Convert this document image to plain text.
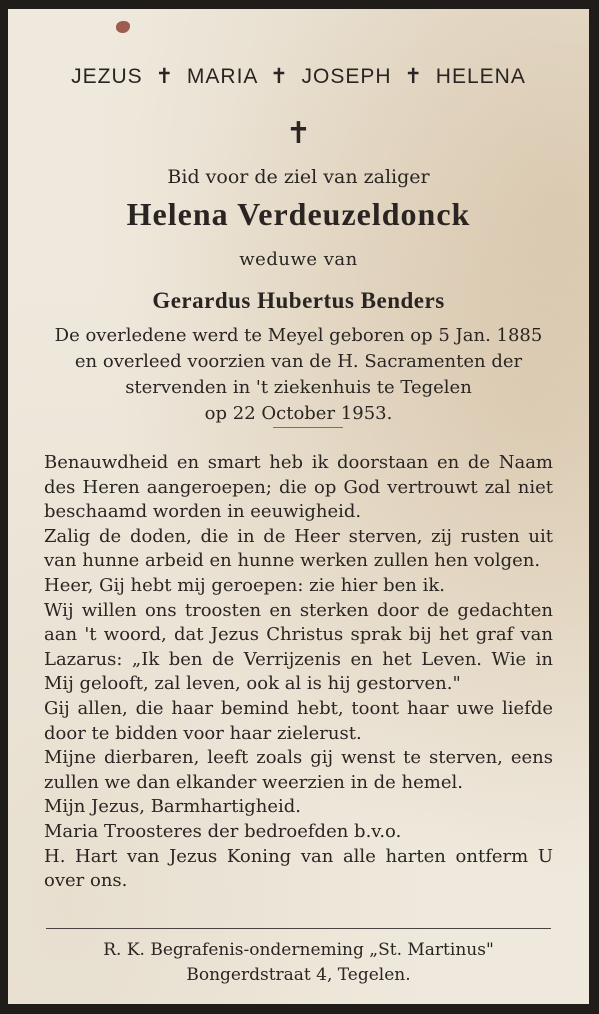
JEZUS ✝ MARIA ✝ JOSEPH ✝ HELENA
✝
Bid voor de ziel van zaliger
Helena Verdeuzeldonck
weduwe van
Gerardus Hubertus Benders
De overledene werd te Meyel geboren op 5 Jan. 1885
en overleed voorzien van de H. Sacramenten der
stervenden in 't ziekenhuis te Tegelen
op 22 October 1953.

Benauwdheid en smart heb ik doorstaan en de Naam des Heren aangeroepen; die op God vertrouwt zal niet beschaamd worden in eeuwigheid.

Zalig de doden, die in de Heer sterven, zij rusten uit van hunne arbeid en hunne werken zullen hen volgen.

Heer, Gij hebt mij geroepen: zie hier ben ik.

Wij willen ons troosten en sterken door de gedachten aan 't woord, dat Jezus Christus sprak bij het graf van Lazarus: „Ik ben de Verrijzenis en het Leven. Wie in Mij gelooft, zal leven, ook al is hij gestorven."

Gij allen, die haar bemind hebt, toont haar uwe liefde door te bidden voor haar zielerust.

Mijne dierbaren, leeft zoals gij wenst te sterven, eens zullen we dan elkander weerzien in de hemel.

Mijn Jezus, Barmhartigheid.

Maria Troosteres der bedroefden b.v.o.

H. Hart van Jezus Koning van alle harten ontferm U over ons.

R. K. Begrafenis-onderneming „St. Martinus"
Bongerdstraat 4, Tegelen.
